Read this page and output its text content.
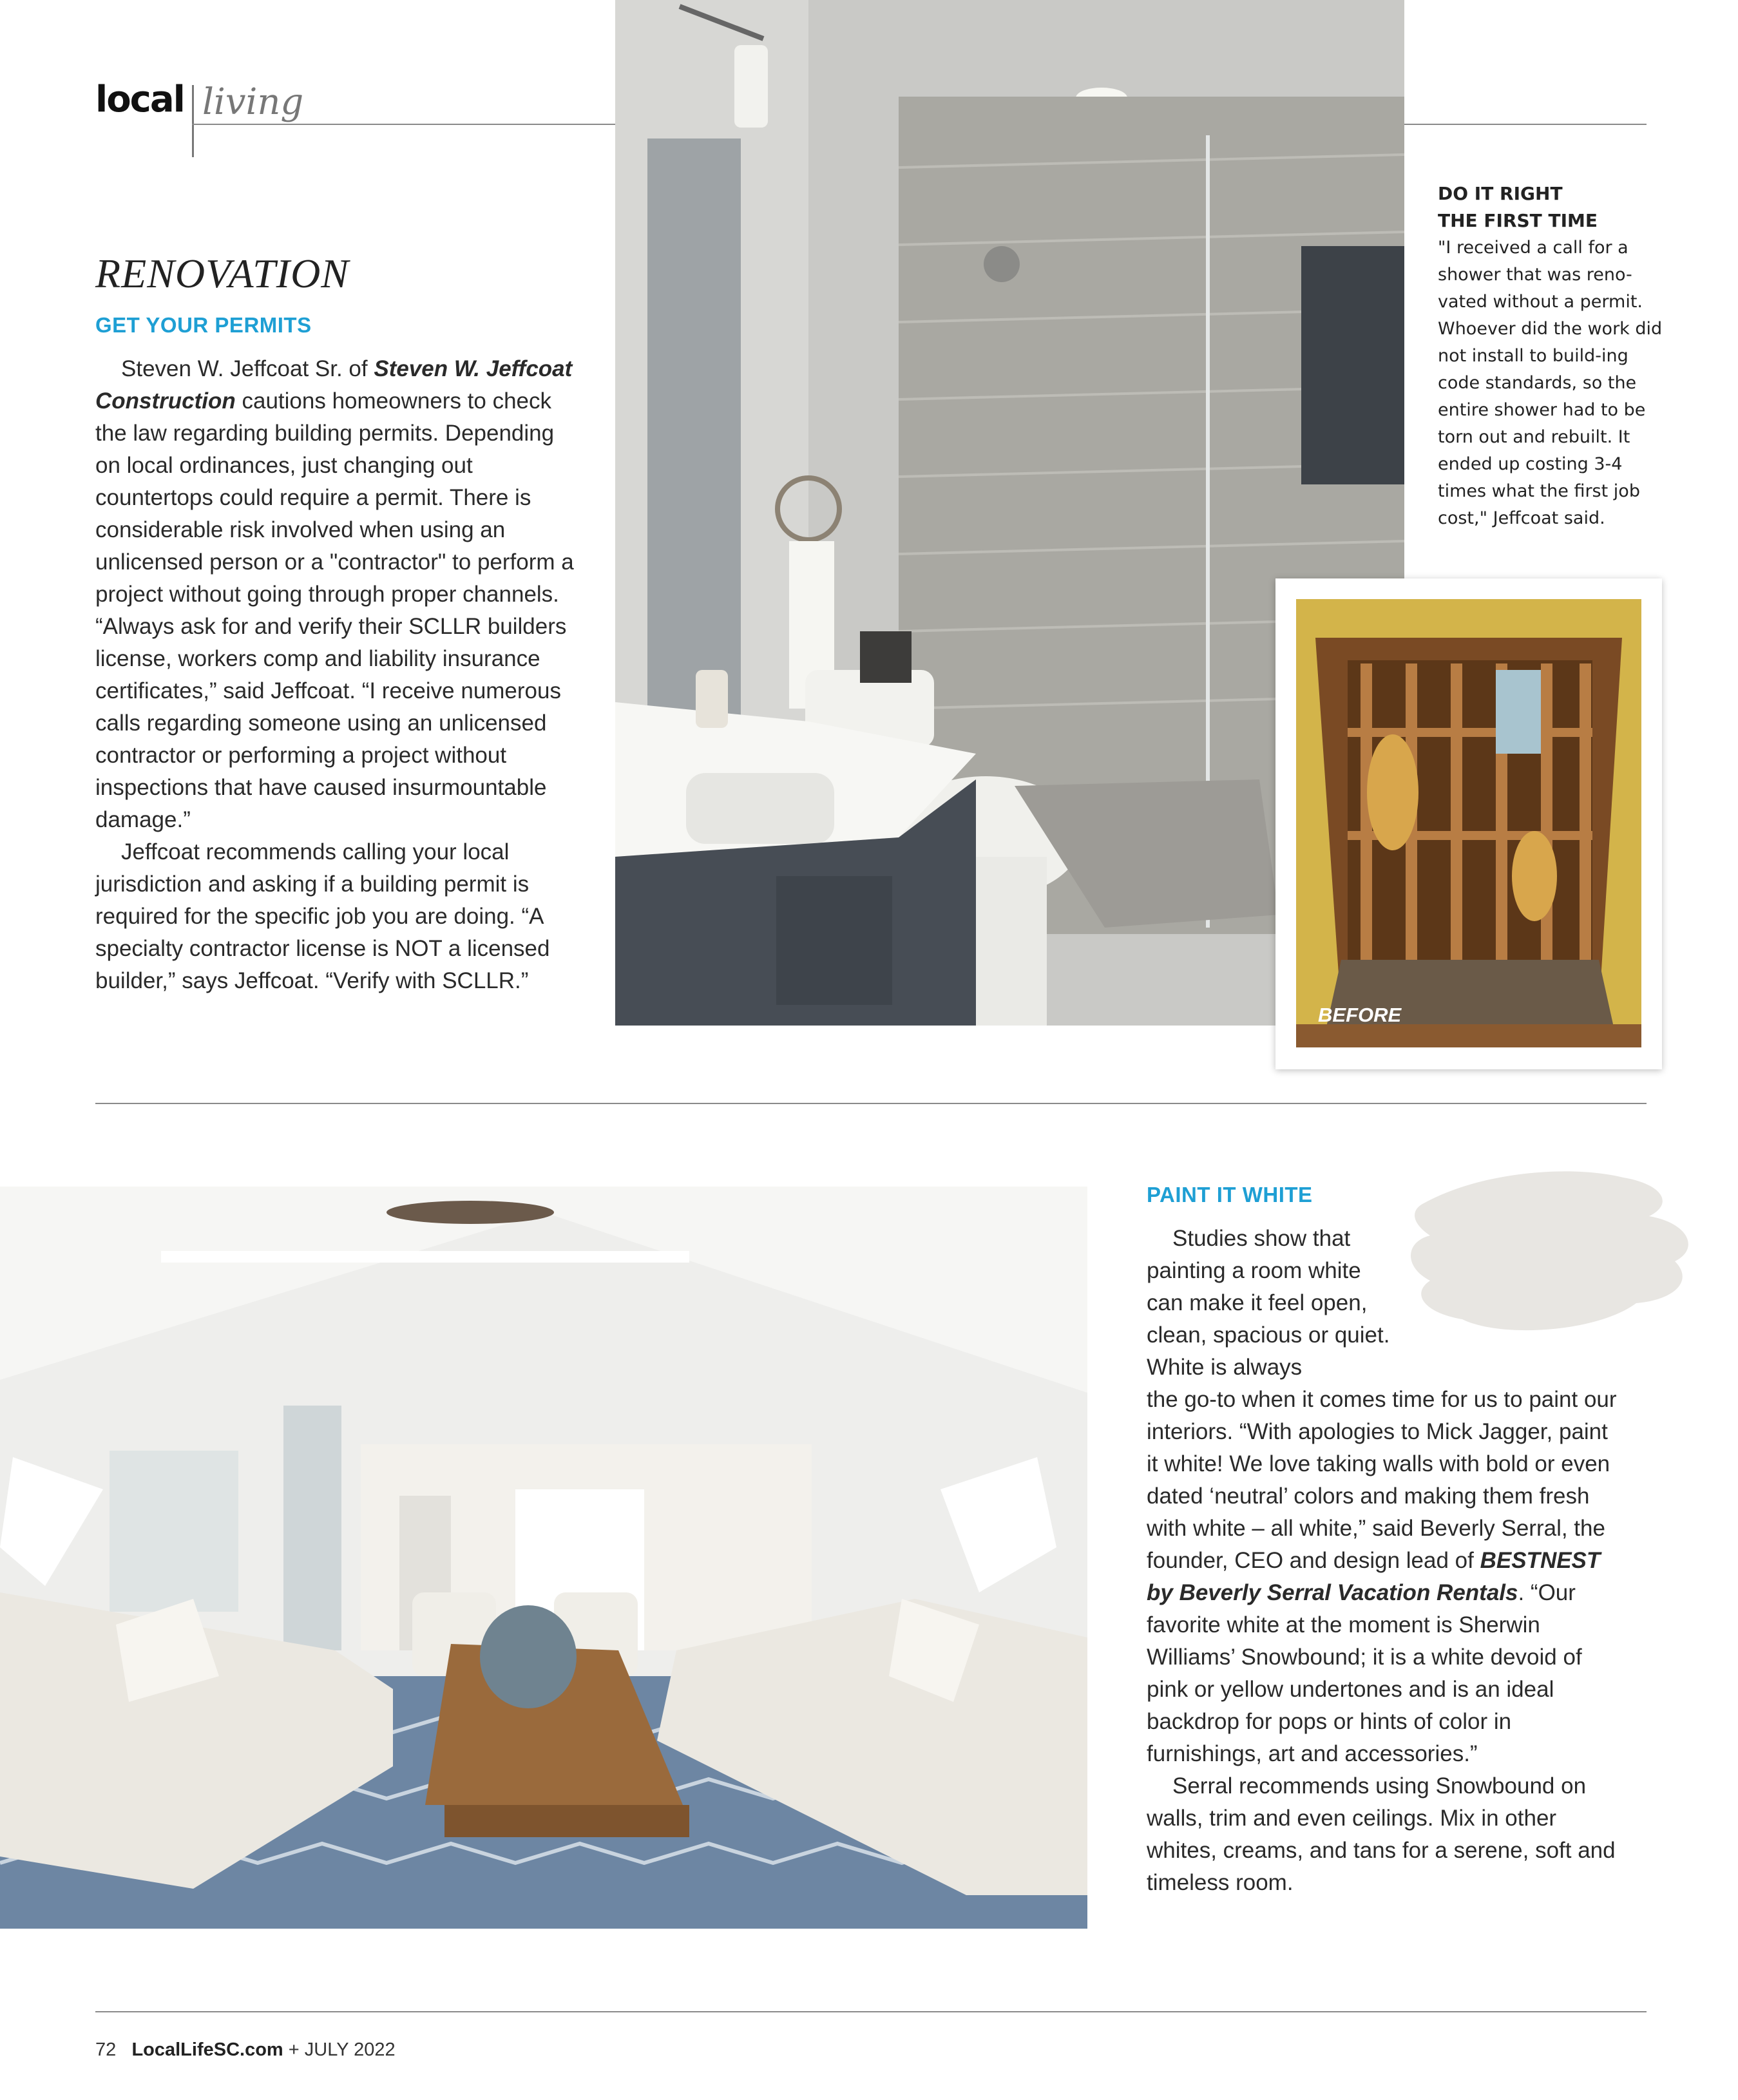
local living
BEFORE
DO IT RIGHT
THE FIRST TIME
"I received a call for a shower that was reno-vated without a permit. Whoever did the work did not install to build-ing code standards, so the entire shower had to be torn out and rebuilt. It ended up costing 3-4 times what the first job cost," Jeffcoat said.
RENOVATION
GET YOUR PERMITS

Steven W. Jeffcoat Sr. of Steven W. Jeffcoat Construction cautions homeowners to check the law regarding building permits. Depending on local ordinances, just changing out countertops could require a permit. There is considerable risk involved when using an unlicensed person or a "contractor" to perform a project without going through proper channels. “Always ask for and verify their SCLLR builders license, workers comp and liability insurance certificates,” said Jeffcoat. “I receive numerous calls regarding someone using an unlicensed contractor or performing a project without inspections that have caused insurmountable damage.”

Jeffcoat recommends calling your local jurisdiction and asking if a building permit is required for the specific job you are doing. “A specialty contractor license is NOT a licensed builder,” says Jeffcoat. “Verify with SCLLR.”

PAINT IT WHITE
Studies show that painting a room white can make it feel open, clean, spacious or quiet. White is always
the go-to when it comes time for us to paint our interiors. “With apologies to Mick Jagger, paint it white! We love taking walls with bold or even dated ‘neutral’ colors and making them fresh with white – all white,” said Beverly Serral, the founder, CEO and design lead of BESTNEST by Beverly Serral Vacation Rentals. “Our favorite white at the moment is Sherwin Williams’ Snowbound; it is a white devoid of pink or yellow undertones and is an ideal backdrop for pops or hints of color in furnishings, art and accessories.”

Serral recommends using Snowbound on walls, trim and even ceilings. Mix in other whites, creams, and tans for a serene, soft and timeless room.

72 LocalLifeSC.com + JULY 2022
